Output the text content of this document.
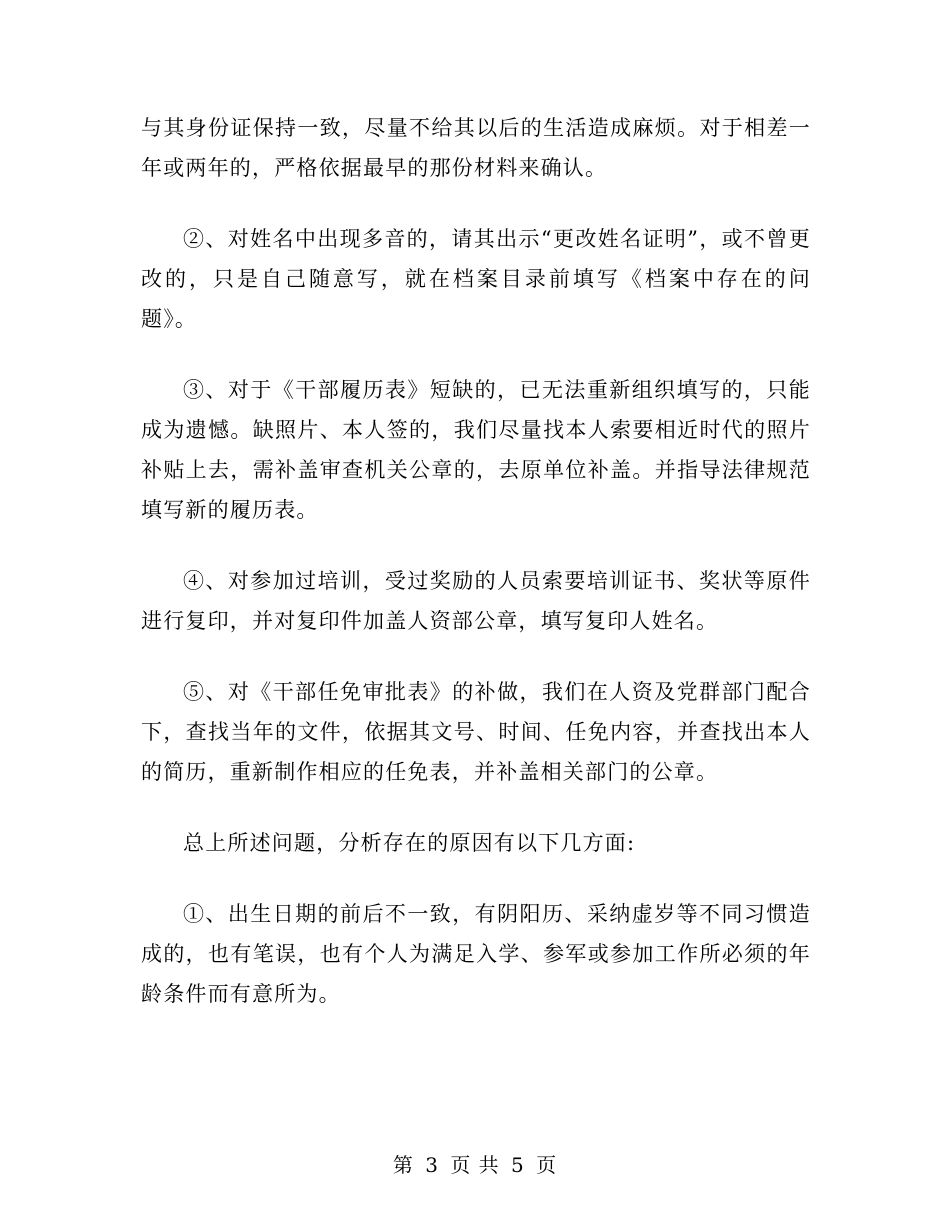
与其身份证保持一致，尽量不给其以后的生活造成麻烦。对于相差一年或两年的，严格依据最早的那份材料来确认。

②、对姓名中出现多音的，请其出示“更改姓名证明”，或不曾更改的，只是自己随意写，就在档案目录前填写《档案中存在的问题》。

③、对于《干部履历表》短缺的，已无法重新组织填写的，只能成为遗憾。缺照片、本人签的，我们尽量找本人索要相近时代的照片补贴上去，需补盖审查机关公章的，去原单位补盖。并指导法律规范填写新的履历表。

④、对参加过培训，受过奖励的人员索要培训证书、奖状等原件进行复印，并对复印件加盖人资部公章，填写复印人姓名。

⑤、对《干部任免审批表》的补做，我们在人资及党群部门配合下，查找当年的文件，依据其文号、时间、任免内容，并查找出本人的简历，重新制作相应的任免表，并补盖相关部门的公章。

总上所述问题，分析存在的原因有以下几方面:

①、出生日期的前后不一致，有阴阳历、采纳虚岁等不同习惯造成的，也有笔误，也有个人为满足入学、参军或参加工作所必须的年龄条件而有意所为。

第 3 页 共 5 页
